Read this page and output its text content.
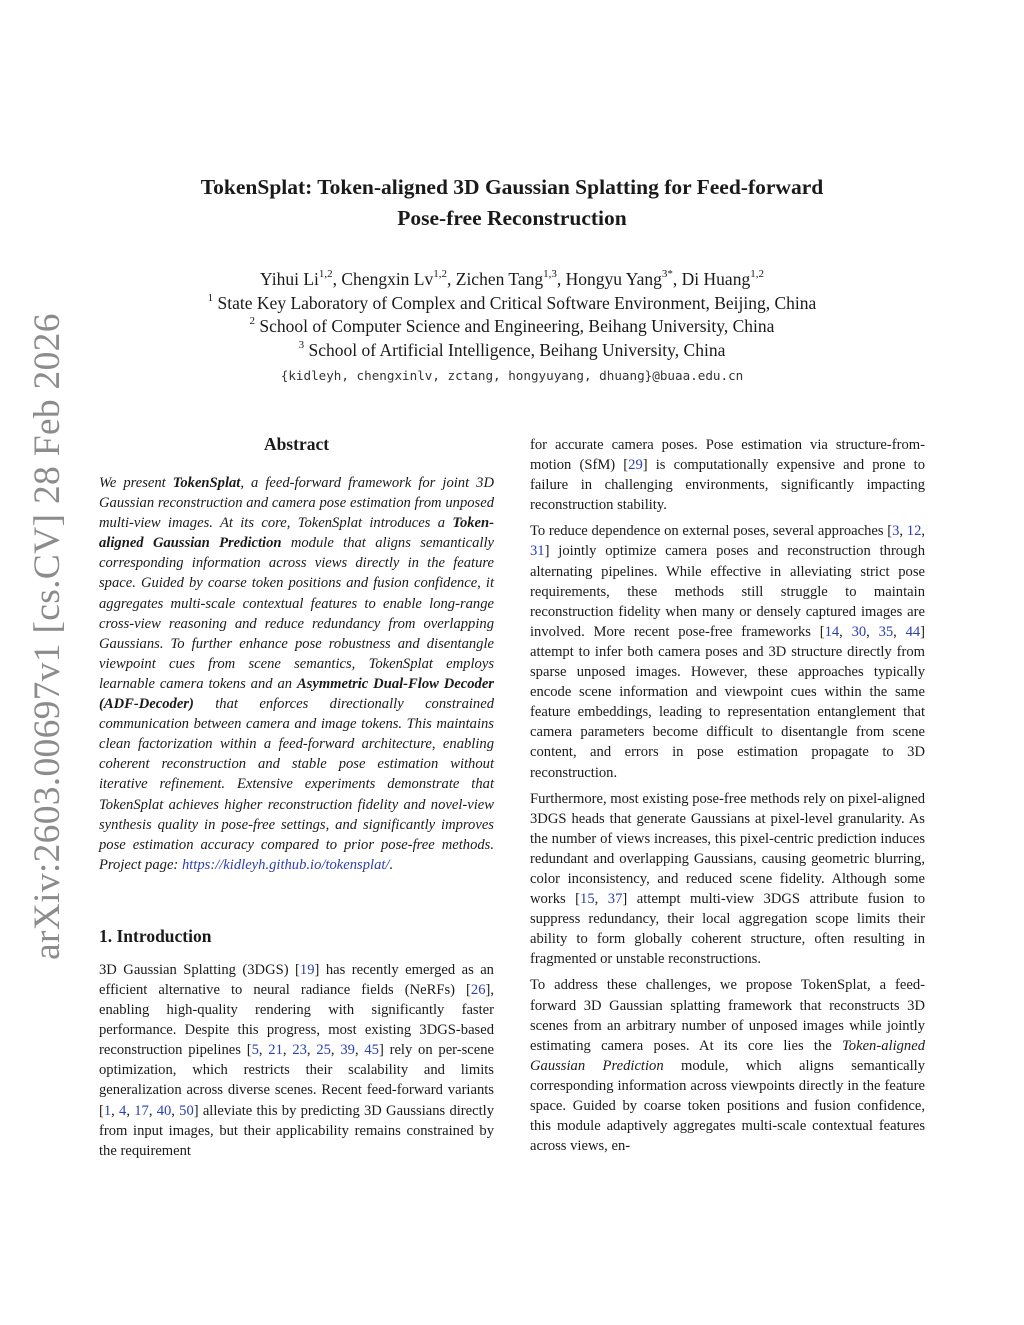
arXiv:2603.00697v1 [cs.CV] 28 Feb 2026
TokenSplat: Token-aligned 3D Gaussian Splatting for Feed-forward
Pose-free Reconstruction
Yihui Li$^{1,2}$, Chengxin Lv$^{1,2}$, Zichen Tang$^{1,3}$, Hongyu Yang$^{3*}$, Di Huang$^{1,2}$
$^1$ State Key Laboratory of Complex and Critical Software Environment, Beijing, China
$^2$ School of Computer Science and Engineering, Beihang University, China
$^3$ School of Artificial Intelligence, Beihang University, China
{kidleyh, chengxinlv, zctang, hongyuyang, dhuang}@buaa.edu.cn
Abstract

We present TokenSplat, a feed-forward framework for joint 3D Gaussian reconstruction and camera pose estimation from unposed multi-view images. At its core, TokenSplat introduces a Token-aligned Gaussian Prediction module that aligns semantically corresponding information across views directly in the feature space. Guided by coarse token positions and fusion confidence, it aggregates multi-scale contextual features to enable long-range cross-view reasoning and reduce redundancy from overlapping Gaussians. To further enhance pose robustness and disentangle viewpoint cues from scene semantics, TokenSplat employs learnable camera tokens and an Asymmetric Dual-Flow Decoder (ADF-Decoder) that enforces directionally constrained communication between camera and image tokens. This maintains clean factorization within a feed-forward architecture, enabling coherent reconstruction and stable pose estimation without iterative refinement. Extensive experiments demonstrate that TokenSplat achieves higher reconstruction fidelity and novel-view synthesis quality in pose-free settings, and significantly improves pose estimation accuracy compared to prior pose-free methods. Project page: https://kidleyh.github.io/tokensplat/.

1. Introduction

3D Gaussian Splatting (3DGS) [19] has recently emerged as an efficient alternative to neural radiance fields (NeRFs) [26], enabling high-quality rendering with significantly faster performance. Despite this progress, most existing 3DGS-based reconstruction pipelines [5, 21, 23, 25, 39, 45] rely on per-scene optimization, which restricts their scalability and limits generalization across diverse scenes. Recent feed-forward variants [1, 4, 17, 40, 50] alleviate this by predicting 3D Gaussians directly from input images, but their applicability remains constrained by the requirement

for accurate camera poses. Pose estimation via structure-from-motion (SfM) [29] is computationally expensive and prone to failure in challenging environments, significantly impacting reconstruction stability.

To reduce dependence on external poses, several approaches [3, 12, 31] jointly optimize camera poses and reconstruction through alternating pipelines. While effective in alleviating strict pose requirements, these methods still struggle to maintain reconstruction fidelity when many or densely captured images are involved. More recent pose-free frameworks [14, 30, 35, 44] attempt to infer both camera poses and 3D structure directly from sparse unposed images. However, these approaches typically encode scene information and viewpoint cues within the same feature embeddings, leading to representation entanglement that camera parameters become difficult to disentangle from scene content, and errors in pose estimation propagate to 3D reconstruction.

Furthermore, most existing pose-free methods rely on pixel-aligned 3DGS heads that generate Gaussians at pixel-level granularity. As the number of views increases, this pixel-centric prediction induces redundant and overlapping Gaussians, causing geometric blurring, color inconsistency, and reduced scene fidelity. Although some works [15, 37] attempt multi-view 3DGS attribute fusion to suppress redundancy, their local aggregation scope limits their ability to form globally coherent structure, often resulting in fragmented or unstable reconstructions.

To address these challenges, we propose TokenSplat, a feed-forward 3D Gaussian splatting framework that reconstructs 3D scenes from an arbitrary number of unposed images while jointly estimating camera poses. At its core lies the Token-aligned Gaussian Prediction module, which aligns semantically corresponding information across viewpoints directly in the feature space. Guided by coarse token positions and fusion confidence, this module adaptively aggregates multi-scale contextual features across views, en-
